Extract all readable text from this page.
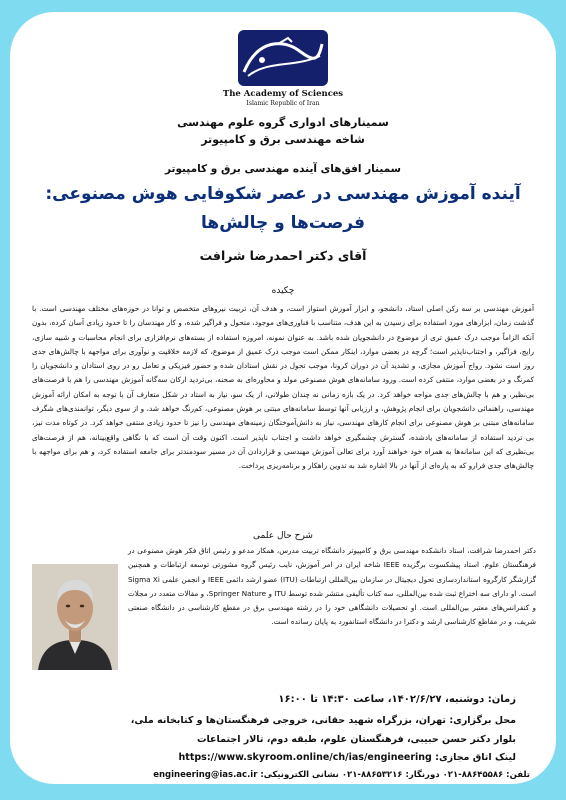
The Academy of Sciences
Islamic Republic of Iran
سمینارهای ادواری گروه علوم مهندسی
شاخه مهندسی برق و کامپیوتر
سمینار افق‌های آینده مهندسی برق و کامپیوتر
آینده آموزش مهندسی در عصر شکوفایی هوش مصنوعی:
فرصت‌ها و چالش‌ها
آقای دکتر احمدرضا شرافت
چکیده
آموزش مهندسی بر سه رکن اصلی استاد، دانشجو، و ابزار آموزش استوار است، و هدف آن، تربیت نیروهای متخصص و توانا در حوزه‌های مختلف مهندسی است. با گذشت زمان، ابزارهای مورد استفاده برای رسیدن به این هدف، متناسب با فناوری‌های موجود، متحول و فراگیر شده، و کار مهندسان را تا حدود زیادی آسان کرده، بدون آنکه الزاماً موجب درک عمیق تری از موضوع در دانشجویان شده باشد. به عنوان نمونه، امروزه استفاده از بسته‌های نرم‌افزاری برای انجام محاسبات و شبیه سازی، رایج، فراگیر، و اجتناب‌ناپذیر است؛ گرچه در بعضی موارد، اینکار ممکن است موجب درک عمیق از موضوع، که لازمه خلاقیت و نوآوری برای مواجهه با چالش‌های جدی روز است نشود. رواج آموزش مجازی، و تشدید آن در دوران کرونا، موجب تحول در نقش استادان شده و حضور فیزیکی و تعامل رو در روی استادان و دانشجویان را کمرنگ و در بعضی موارد، منتفی کرده است. ورود سامانه‌های هوش مصنوعی مولد و محاوره‌ای به صحنه، بی‌تردید ارکان سه‌گانه آموزش مهندسی را هم با فرصت‌های بی‌نظیر، و هم با چالش‌های جدی مواجه خواهد کرد. در یک بازه زمانی نه چندان طولانی، از یک سو، نیاز به استاد در شکل متعارف آن با توجه به امکان ارائه آموزش مهندسی، راهنمائی دانشجویان برای انجام پژوهش، و ارزیابی آنها توسط سامانه‌های مبتنی بر هوش مصنوعی، کم‌رنگ خواهد شد، و از سوی دیگر، توانمندی‌های شگرف سامانه‌های مبتنی بر هوش مصنوعی برای انجام کارهای مهندسی، نیاز به دانش‌آموختگان زمینه‌های مهندسی را نیز تا حدود زیادی منتفی خواهد کرد. در کوتاه مدت نیز، بی تردید استفاده از سامانه‌های یادشده، گسترش چشمگیری خواهد داشت و اجتناب ناپذیر است. اکنون وقت آن است که با نگاهی واقع‌بینانه، هم از فرصت‌های بی‌نظیری که این سامانه‌ها به همراه خود خواهند آورد برای تعالی آموزش مهندسی و قراردادن آن در مسیر سودمندتر برای جامعه استفاده کرد، و هم برای مواجهه با چالش‌های جدی فرارو که به پاره‌ای از آنها در بالا اشاره شد به تدوین راهکار و برنامه‌ریزی پرداخت.
شرح حال علمی
دکتر احمدرضا شرافت، استاد دانشکده مهندسی برق و کامپیوتر دانشگاه تربیت مدرس، همکار مدعو و رئیس اتاق فکر هوش مصنوعی در فرهنگستان علوم. استاد پیشکسوت برگزیده IEEE شاخه ایران در امر آموزش، نایب رئیس گروه مشورتی توسعه ارتباطات و همچنین گزارشگر کارگروه استانداردسازی تحول دیجیتال در سازمان بین‌المللی ارتباطات (ITU) عضو ارشد دائمی IEEE و انجمن علمی Sigma Xi است. او دارای سه اختراع ثبت شده بین‌المللی، سه کتاب تألیفی منتشر شده توسط ITU و Springer Nature، و مقالات متعدد در مجلات و کنفرانس‌های معتبر بین‌المللی است. او تحصیلات دانشگاهی خود را در رشته مهندسی برق در مقطع کارشناسی در دانشگاه صنعتی شریف، و در مقاطع کارشناسی ارشد و دکترا در دانشگاه استانفورد به پایان رسانده است.
زمان: دوشنبه، ۱۴۰۲/۶/۲۷، ساعت ۱۴:۳۰ تا ۱۶:۰۰
محل برگزاری: تهران، بزرگراه شهید حقانی، خروجی فرهنگستان‌ها و کتابخانه ملی،
بلوار دکتر حسن حبیبی، فرهنگستان علوم، طبقه دوم، تالار اجتماعات
لینک اتاق مجازی: https://www.skyroom.online/ch/ias/engineering
تلفن: ۸۸۶۴۵۵۸۶-۰۲۱ دورنگار: ۸۸۶۵۳۲۱۶-۰۲۱ نشانی الکترونیکی: engineering@ias.ac.ir
